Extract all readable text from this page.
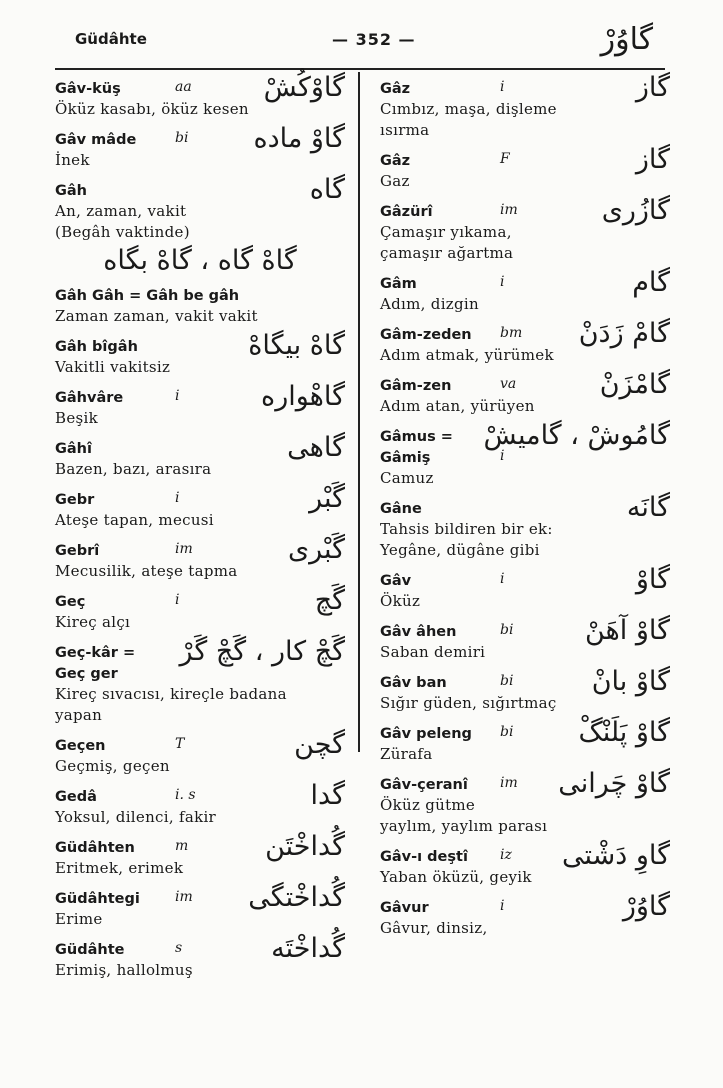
Güdâhte	— 352 —	گاوُرْ
Gâv-küş	aa	گاوْکُشْ
Öküz kasabı, öküz kesen
Gâv mâde	bi گاوْ ماده
İnek
Gâh	گاه
An, zaman, vakit
(Begâh vaktinde)
گاهْ گاه ، گاهْ بگاه
Gâh Gâh = Gâh be gâh
Zaman zaman, vakit vakit
Gâh bîgâh	گاهْ بیگاهْ
Vakitli vakitsiz
Gâhvâre	i	گاهْواره
Beşik
Gâhî	گاهی
Bazen, bazı, arasıra
Gebr	i	گَبْر
Ateşe tapan, mecusi
Gebrî	im	گَبْری
Mecusilik, ateşe tapma
Geç	i	گَچ
Kireç alçı
Geç-kâr = گَچْ کار ، گَچْ گَرْ
Geç ger
Kireç sıvacısı, kireçle badana
yapan
Geçen	T	گچن
Geçmiş, geçen
Gedâ	i. s	گدا
Yoksul, dilenci, fakir
Güdâhten	m	گُداخْتَن
Eritmek, erimek
Güdâhtegi	im گُداخْتگی
Erime
Güdâhte	s	گُداخْتَه
Erimiş, hallolmuş
Gâz	i	گاز
Cımbız, maşa, dişleme
ısırma
Gâz	F	گاز
Gaz
Gâzürî	im	گازُری
Çamaşır yıkama,
çamaşır ağartma
Gâm	i	گام
Adım, dizgin
Gâm-zeden bm گامْ زَدَنْ
Adım atmak, yürümek
Gâm-zen	va	گامْزَنْ
Adım atan, yürüyen
Gâmus = گامُوشْ ، گامیشْ
Gâmiş	i
Camuz
Gâne	گانَه
Tahsis bildiren bir ek:
Yegâne, dügâne gibi
Gâv	i	گاوْ
Öküz
Gâv âhen	bi	گاوْ آهَنْ
Saban demiri
Gâv ban	bi	گاوْ بانْ
Sığır güden, sığırtmaç
Gâv peleng bi گاوْ پَلَنْگْ
Zürafa
Gâv-çeranî im گاوْ چَرانی
Öküz gütme
yaylım, yaylım parası
Gâv-ı deştî iz گاوِ دَشْتی
Yaban öküzü, geyik
Gâvur	i	گاوُرْ
Gâvur, dinsiz,
